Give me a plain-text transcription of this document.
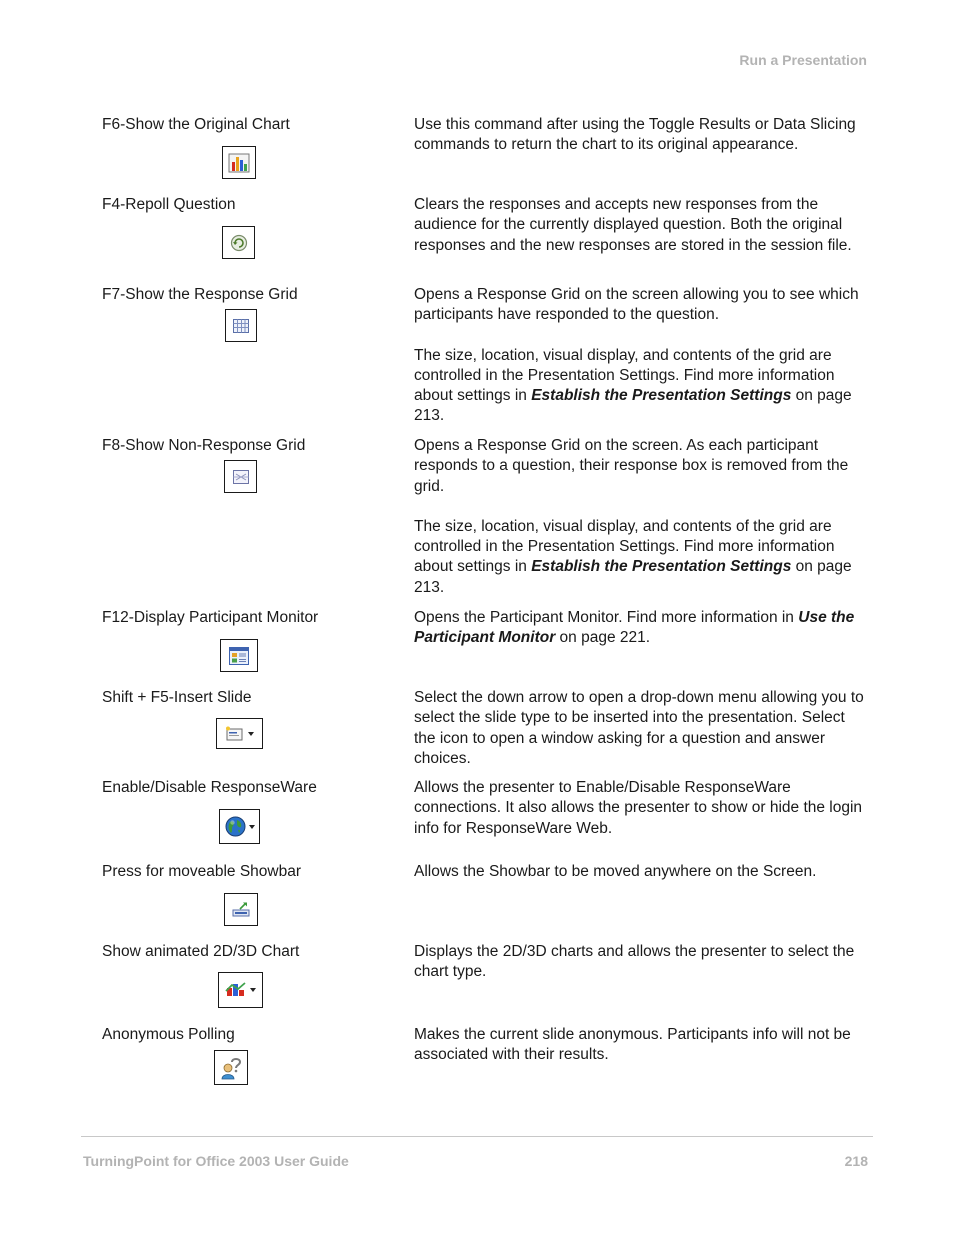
Run a Presentation
F6-Show the Original Chart	Use this command after using the Toggle Results or Data Slicing commands to return the chart to its original appearance.

F4-Repoll Question	Clears the responses and accepts new responses from the audience for the currently displayed question. Both the original responses and the new responses are stored in the session file.

F7-Show the Response Grid	Opens a Response Grid on the screen allowing you to see which participants have responded to the question.

The size, location, visual display, and contents of the grid are controlled in the Presentation Settings. Find more information about settings in Establish the Presentation Settings on page 213.

F8-Show Non-Response Grid	Opens a Response Grid on the screen. As each participant responds to a question, their response box is removed from the grid.

The size, location, visual display, and contents of the grid are controlled in the Presentation Settings. Find more information about settings in Establish the Presentation Settings on page 213.

F12-Display Participant Monitor	Opens the Participant Monitor. Find more information in Use the Participant Monitor on page 221.

Shift + F5-Insert Slide	Select the down arrow to open a drop-down menu allowing you to select the slide type to be inserted into the presentation. Select the icon to open a window asking for a question and answer choices.

Enable/Disable ResponseWare	Allows the presenter to Enable/Disable ResponseWare connections. It also allows the presenter to show or hide the login info for ResponseWare Web.

Press for moveable Showbar	Allows the Showbar to be moved anywhere on the Screen.

Show animated 2D/3D Chart	Displays the 2D/3D charts and allows the presenter to select the chart type.

Anonymous Polling	Makes the current slide anonymous. Participants info will not be associated with their results.

TurningPoint for Office 2003 User Guide	218
